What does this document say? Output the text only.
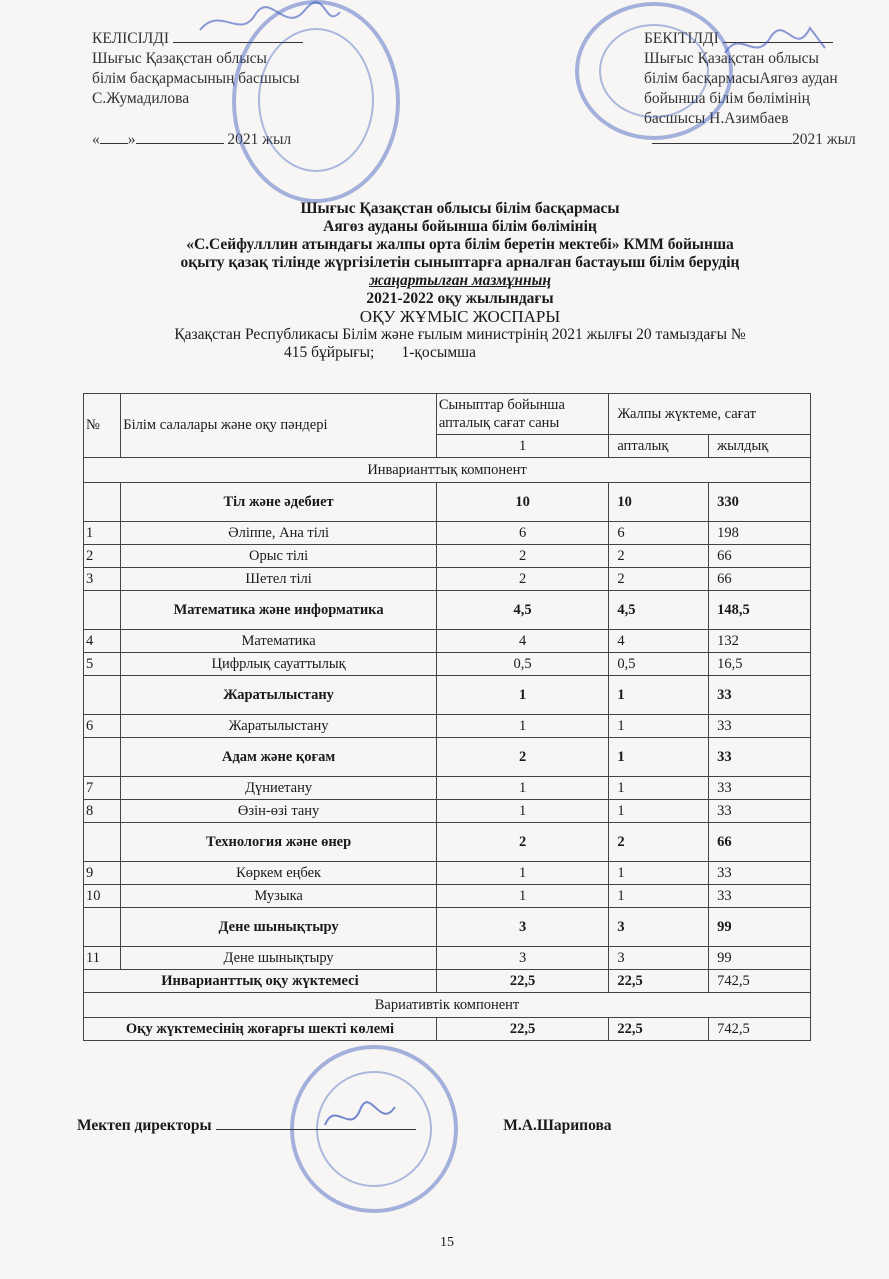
КЕЛІСІЛДІ
Шығыс Қазақстан облысы
білім басқармасының басшысы
С.Жумадилова
« »	2021 жыл
БЕКІТІЛДІ
Шығыс Қазақстан облысы
білім басқармасыАягөз аудан
бойынша білім бөлімінің
басшысы Н.Азимбаев
2021 жыл
Шығыс Қазақстан облысы білім басқармасы
Аягөз ауданы бойынша білім бөлімінің
«С.Сейфулллин атындағы жалпы орта білім беретін мектебі» КММ бойынша
оқыту қазақ тілінде жүргізілетін сыныптарға арналған бастауыш білім берудің
жаңартылған мазмұнның
2021-2022 оқу жылындағы
ОҚУ ЖҰМЫС ЖОСПАРЫ
Қазақстан Республикасы Білім және ғылым министрінің 2021 жылғы 20 тамыздағы №
415 бұйрығы; 1-қосымша
№	Білім салалары және оқу пәндері	Сыныптар бойынша апталық сағат саны	Жалпы жүктеме, сағат	
		1	апталық	жылдық
Инварианттық компонент				
	Тіл және әдебиет	10	10	330
1	Әліппе, Ана тілі	6	6	198
2	Орыс тілі	2	2	66
3	Шетел тілі	2	2	66
	Математика және информатика	4,5	4,5	148,5
4	Математика	4	4	132
5	Цифрлық сауаттылық	0,5	0,5	16,5
	Жаратылыстану	1	1	33
6	Жаратылыстану	1	1	33
	Адам және қоғам	2	1	33
7	Дүниетану	1	1	33
8	Өзін-өзі тану	1	1	33
	Технология және өнер	2	2	66
9	Көркем еңбек	1	1	33
10	Музыка	1	1	33
	Дене шынықтыру	3	3	99
11	Дене шынықтыру	3	3	99
Инварианттық оқу жүктемесі		22,5	22,5	742,5
Вариативтік компонент				
Оқу жүктемесінің жоғарғы шекті көлемі		22,5	22,5	742,5
Мектеп директоры	М.А.Шарипова
15
